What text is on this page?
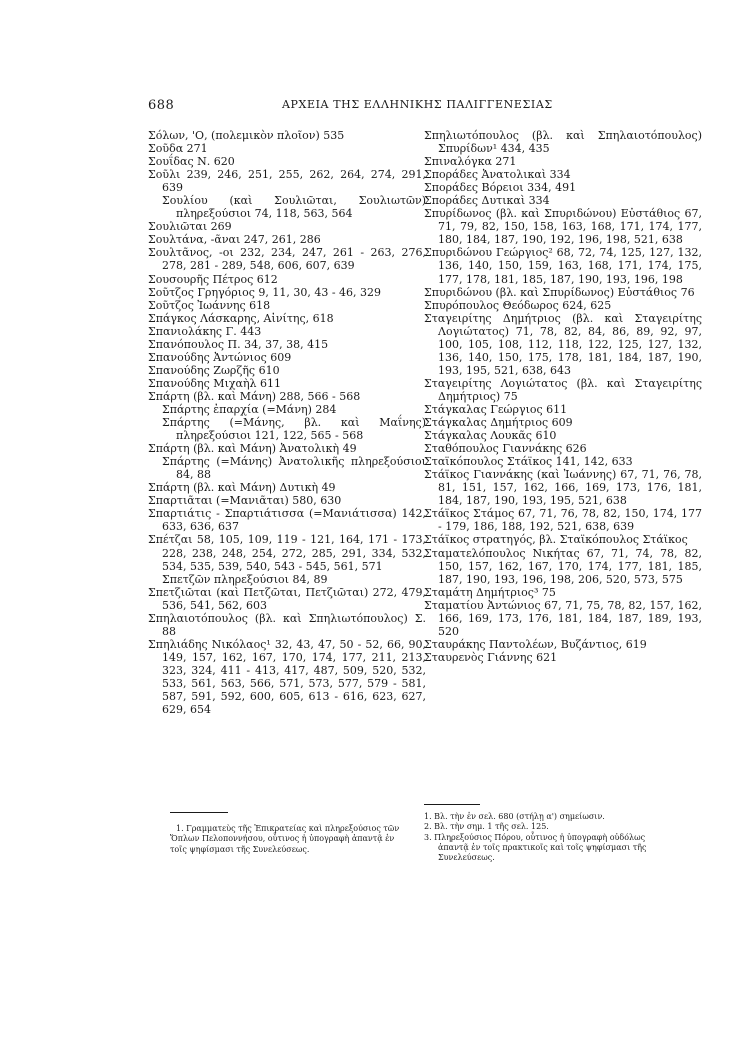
688	ΑΡΧΕΙΑ ΤΗΣ ΕΛΛΗΝΙΚΗΣ ΠΑΛΙΓΓΕΝΕΣΙΑΣ
Σόλων, 'Ο, (πολεμικὸν πλοῖον) 535
Σοῦδα 271
Σουΐδας Ν. 620
Σοῦλι 239, 246, 251, 255, 262, 264, 274, 291, 639
Σουλίου (καὶ Σουλιῶται, Σουλιωτῶν) πληρεξούσιοι 74, 118, 563, 564
Σουλιῶται 269
Σουλτάνα, -ᾶναι 247, 261, 286
Σουλτᾶνος, -οι 232, 234, 247, 261 - 263, 276, 278, 281 - 289, 548, 606, 607, 639
Σουσουρῆς Πέτρος 612
Σοῦτζος Γρηγόριος 9, 11, 30, 43 - 46, 329
Σοῦτζος Ἰωάννης 618
Σπάγκος Λάσκαρης, Αἰνίτης, 618
Σπανιολάκης Γ. 443
Σπανόπουλος Π. 34, 37, 38, 415
Σπανούδης Ἀντώνιος 609
Σπανούδης Ζωρζῆς 610
Σπανούδης Μιχαὴλ 611
Σπάρτη (βλ. καὶ Μάνη) 288, 566 - 568
Σπάρτης ἐπαρχία (=Μάνη) 284
Σπάρτης (=Μάνης, βλ. καὶ Μαΐνης) πληρεξούσιοι 121, 122, 565 - 568
Σπάρτη (βλ. καὶ Μάνη) Ἀνατολικὴ 49
Σπάρτης (=Μάνης) Ἀνατολικῆς πληρεξούσιοι 84, 88
Σπάρτη (βλ. καὶ Μάνη) Δυτικὴ 49
Σπαρτιᾶται (=Μανιᾶται) 580, 630
Σπαρτιάτις - Σπαρτιάτισσα (=Μανιάτισσα) 142, 633, 636, 637
Σπέτζαι 58, 105, 109, 119 - 121, 164, 171 - 173, 228, 238, 248, 254, 272, 285, 291, 334, 532, 534, 535, 539, 540, 543 - 545, 561, 571
Σπετζῶν πληρεξούσιοι 84, 89
Σπετζιῶται (καὶ Πετζῶται, Πετζιῶται) 272, 479, 536, 541, 562, 603
Σπηλαιοτόπουλος (βλ. καὶ Σπηλιωτόπουλος) Σ. 88
Σπηλιάδης Νικόλαος¹ 32, 43, 47, 50 - 52, 66, 90, 149, 157, 162, 167, 170, 174, 177, 211, 213, 323, 324, 411 - 413, 417, 487, 509, 520, 532, 533, 561, 563, 566, 571, 573, 577, 579 - 581, 587, 591, 592, 600, 605, 613 - 616, 623, 627, 629, 654
Σπηλιωτόπουλος (βλ. καὶ Σπηλαιοτόπουλος) Σπυρίδων¹ 434, 435
Σπιναλόγκα 271
Σποράδες Ἀνατολικαὶ 334
Σποράδες Βόρειοι 334, 491
Σποράδες Δυτικαὶ 334
Σπυρίδωνος (βλ. καὶ Σπυριδώνου) Εὐστάθιος 67, 71, 79, 82, 150, 158, 163, 168, 171, 174, 177, 180, 184, 187, 190, 192, 196, 198, 521, 638
Σπυριδώνου Γεώργιος² 68, 72, 74, 125, 127, 132, 136, 140, 150, 159, 163, 168, 171, 174, 175, 177, 178, 181, 185, 187, 190, 193, 196, 198
Σπυριδώνου (βλ. καὶ Σπυρίδωνος) Εὐστάθιος 76
Σπυρόπουλος Θεόδωρος 624, 625
Σταγειρίτης Δημήτριος (βλ. καὶ Σταγειρίτης Λογιώτατος) 71, 78, 82, 84, 86, 89, 92, 97, 100, 105, 108, 112, 118, 122, 125, 127, 132, 136, 140, 150, 175, 178, 181, 184, 187, 190, 193, 195, 521, 638, 643
Σταγειρίτης Λογιώτατος (βλ. καὶ Σταγειρίτης Δημήτριος) 75
Στάγκαλας Γεώργιος 611
Στάγκαλας Δημήτριος 609
Στάγκαλας Λουκᾶς 610
Σταθόπουλος Γιαννάκης 626
Σταϊκόπουλος Στάϊκος 141, 142, 633
Στάϊκος Γιαννάκης (καὶ Ἰωάννης) 67, 71, 76, 78, 81, 151, 157, 162, 166, 169, 173, 176, 181, 184, 187, 190, 193, 195, 521, 638
Στάϊκος Στάμος 67, 71, 76, 78, 82, 150, 174, 177 - 179, 186, 188, 192, 521, 638, 639
Στάϊκος στρατηγός, βλ. Σταϊκόπουλος Στάϊκος
Σταματελόπουλος Νικήτας 67, 71, 74, 78, 82, 150, 157, 162, 167, 170, 174, 177, 181, 185, 187, 190, 193, 196, 198, 206, 520, 573, 575
Σταμάτη Δημήτριος³ 75
Σταματίου Ἀντώνιος 67, 71, 75, 78, 82, 157, 162, 166, 169, 173, 176, 181, 184, 187, 189, 193, 520
Σταυράκης Παντολέων, Βυζάντιος, 619
Σταυρενὸς Γιάννης 621
1. Γραμματεὺς τῆς Ἐπικρατείας καὶ πληρεξούσιος τῶν Ὅπλων Πελοποννήσου, οὗτινος ἡ ὑπογραφὴ ἀπαντᾷ ἐν τοῖς ψηφίσμασι τῆς Συνελεύσεως.
1. Βλ. τὴν ἐν σελ. 680 (στήλῃ α') σημείωσιν.
2. Βλ. τὴν σημ. 1 τῆς σελ. 125.
3. Πληρεξούσιος Πόρου, οὗτινος ἡ ὑπογραφὴ οὐδόλως ἀπαντᾷ ἐν τοῖς πρακτικοῖς καὶ τοῖς ψηφίσμασι τῆς Συνελεύσεως.
